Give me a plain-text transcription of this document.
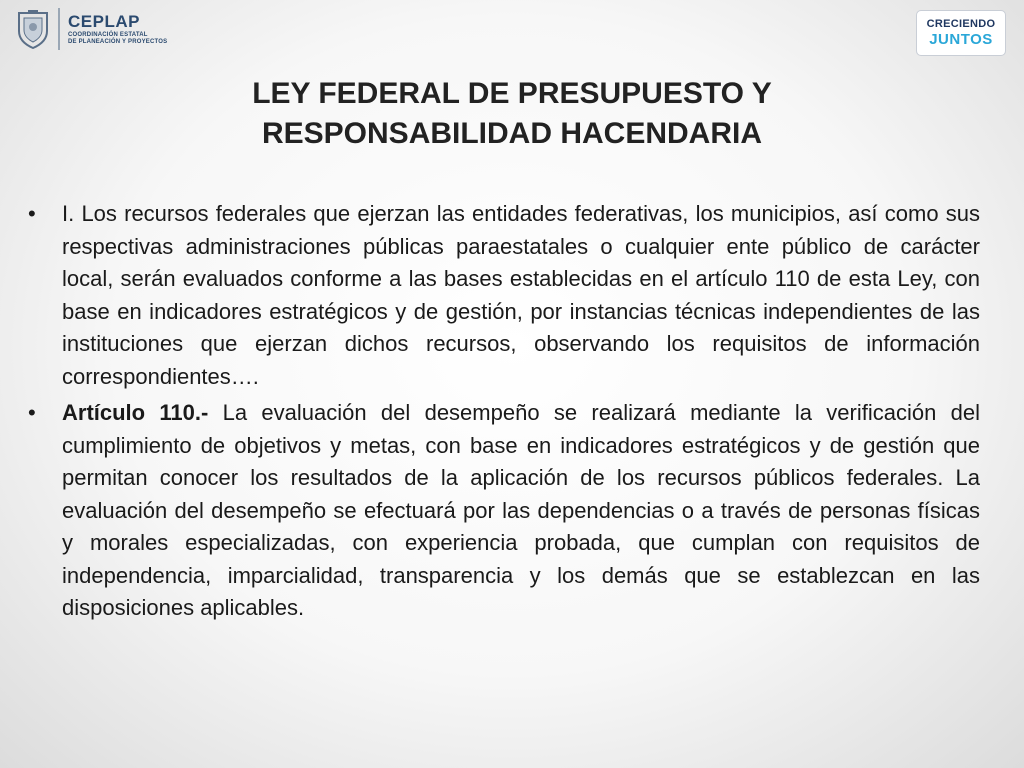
CEPLAP
COORDINACIÓN ESTATAL
DE PLANEACIÓN Y PROYECTOS
CRECIENDO
JUNTOS
LEY FEDERAL DE PRESUPUESTO Y
RESPONSABILIDAD HACENDARIA
•	I. Los recursos federales que ejerzan las entidades federativas, los municipios, así como sus respectivas administraciones públicas paraestatales o cualquier ente público de carácter local, serán evaluados conforme a las bases establecidas en el artículo 110 de esta Ley, con base en indicadores estratégicos y de gestión, por instancias técnicas independientes de las instituciones que ejerzan dichos recursos, observando los requisitos de información correspondientes….
•	Artículo 110.- La evaluación del desempeño se realizará mediante la verificación del cumplimiento de objetivos y metas, con base en indicadores estratégicos y de gestión que permitan conocer los resultados de la aplicación de los recursos públicos federales. La evaluación del desempeño se efectuará por las dependencias o a través de personas físicas y morales especializadas, con experiencia probada, que cumplan con requisitos de independencia, imparcialidad, transparencia y los demás que se establezcan en las disposiciones aplicables.
